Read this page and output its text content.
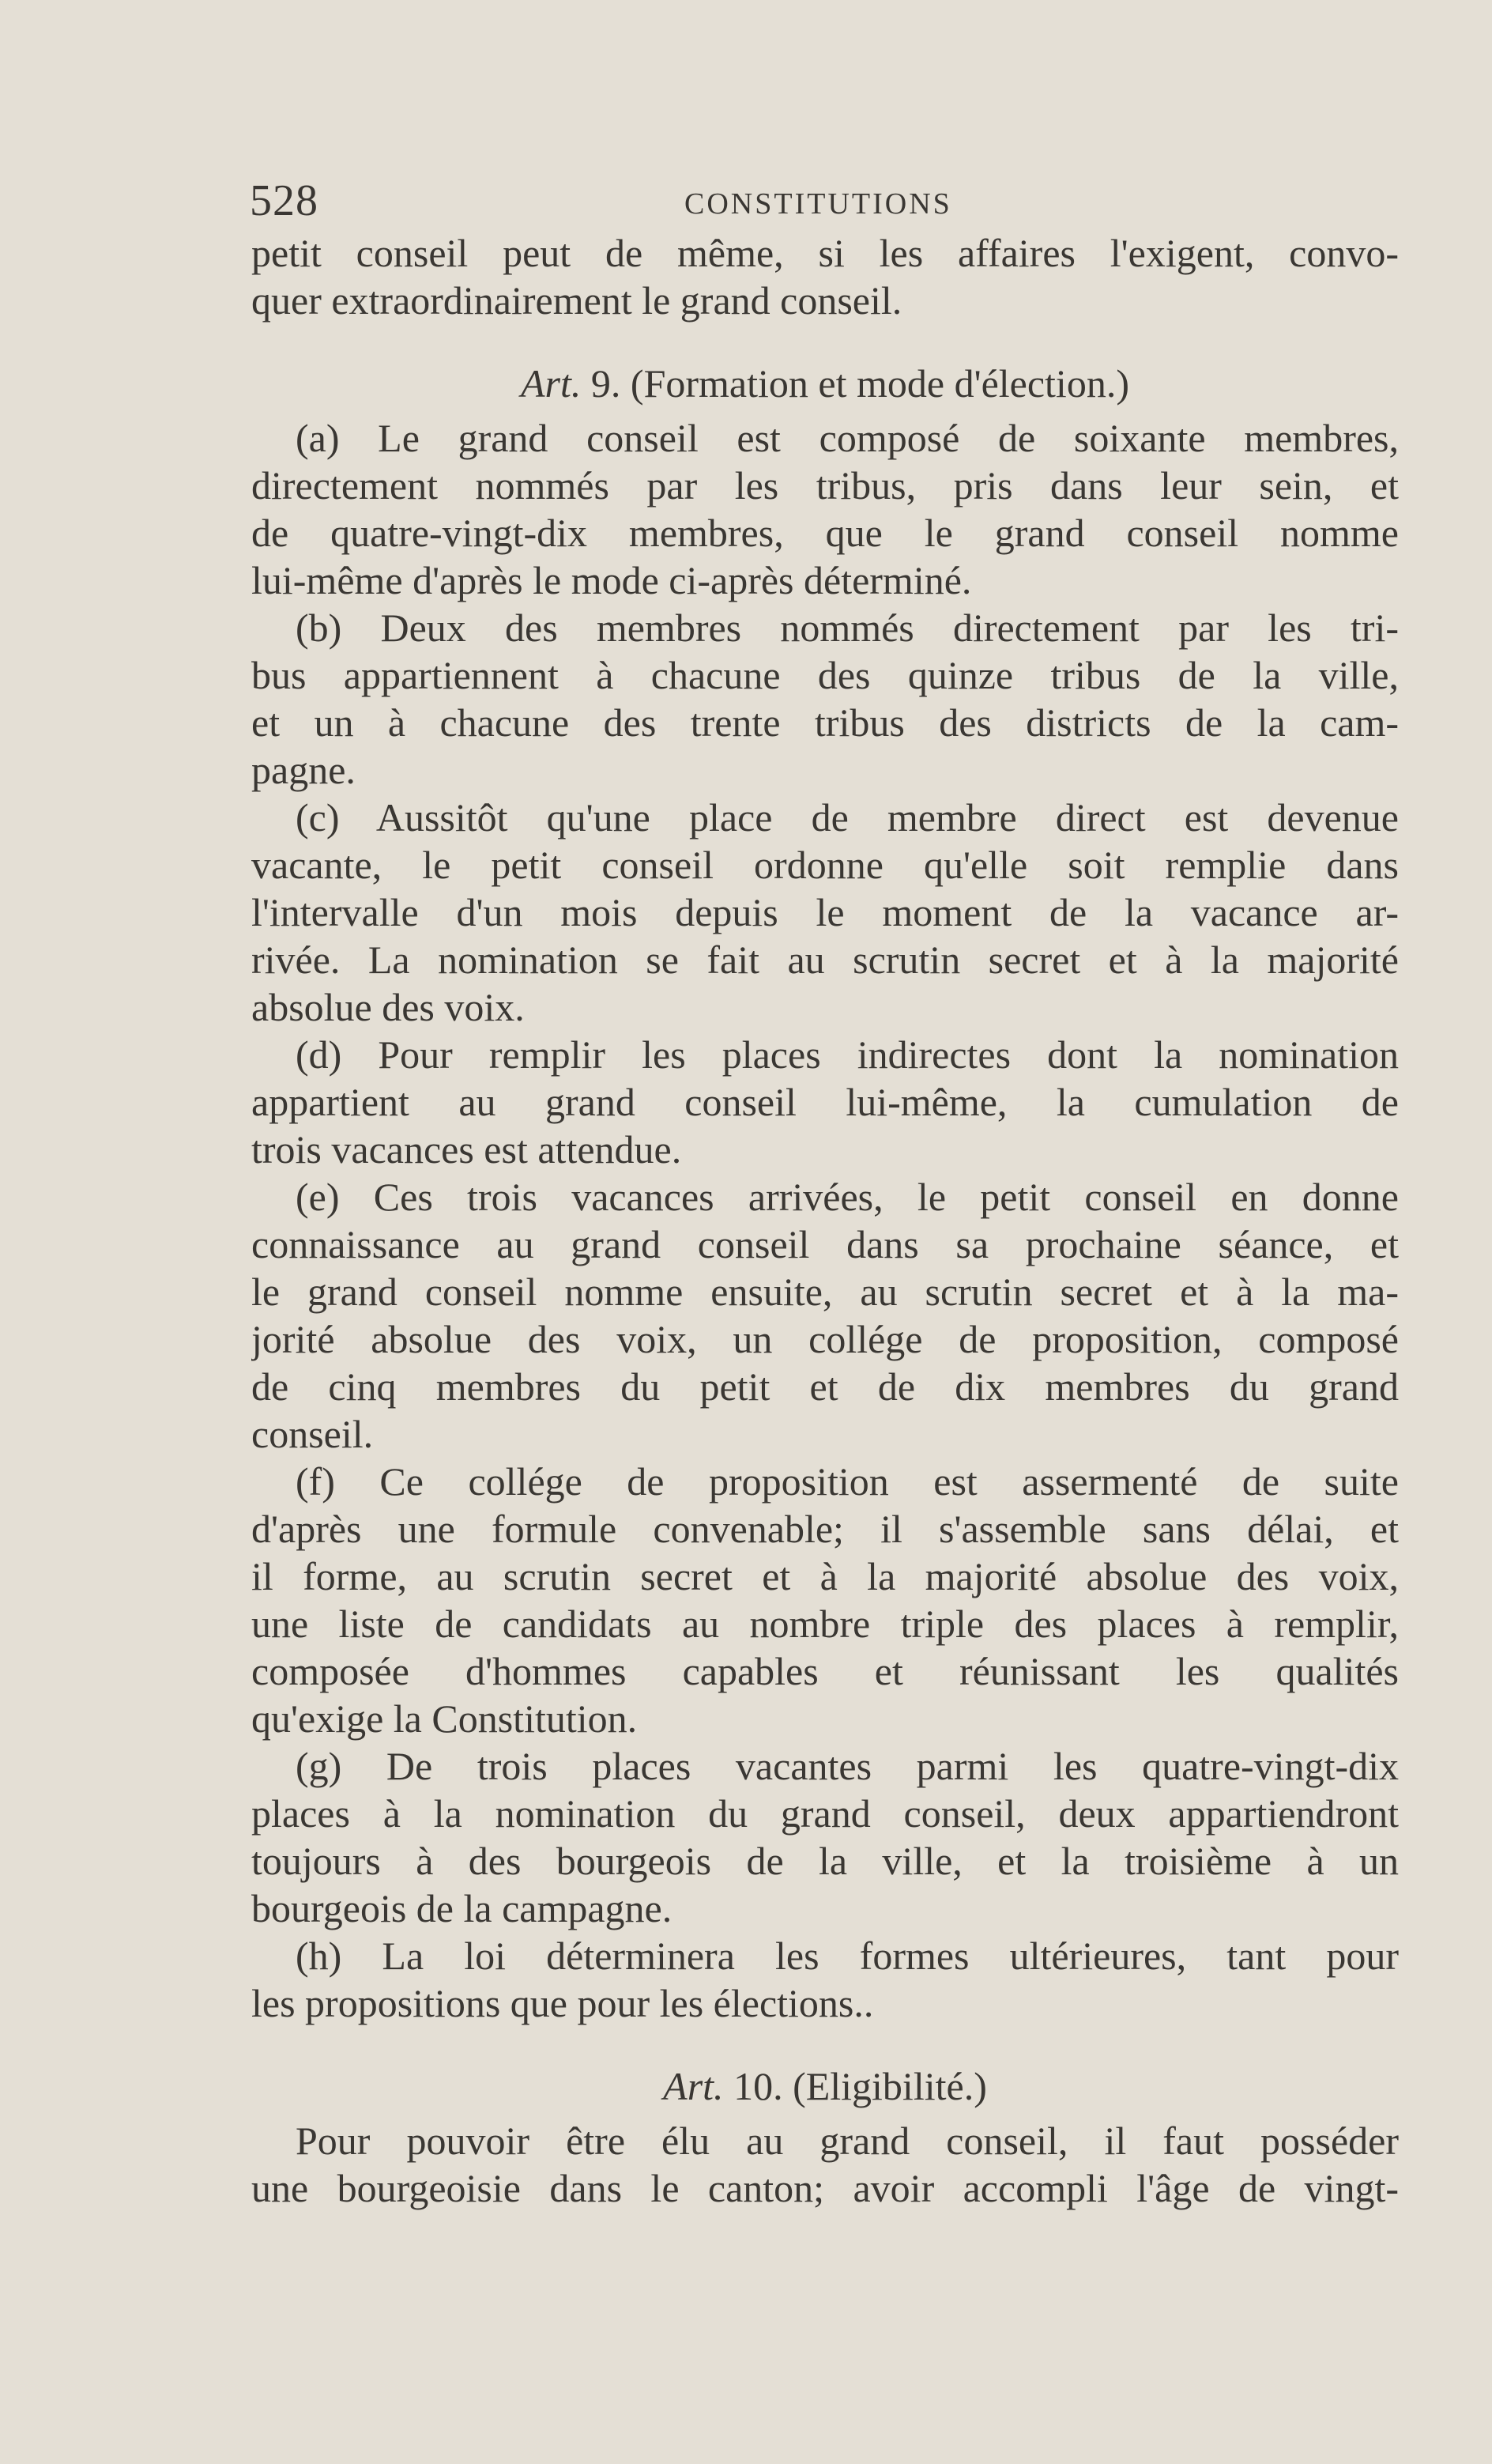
528	CONSTITUTIONS
petit conseil peut de même, si les affaires l'exigent, convo-
quer extraordinairement le grand conseil.
Art. 9. (Formation et mode d'élection.)
(a) Le grand conseil est composé de soixante membres,
directement nommés par les tribus, pris dans leur sein, et
de quatre-vingt-dix membres, que le grand conseil nomme
lui-même d'après le mode ci-après déterminé.
(b) Deux des membres nommés directement par les tri-
bus appartiennent à chacune des quinze tribus de la ville,
et un à chacune des trente tribus des districts de la cam-
pagne.
(c) Aussitôt qu'une place de membre direct est devenue
vacante, le petit conseil ordonne qu'elle soit remplie dans
l'intervalle d'un mois depuis le moment de la vacance ar-
rivée. La nomination se fait au scrutin secret et à la majorité
absolue des voix.
(d) Pour remplir les places indirectes dont la nomination
appartient au grand conseil lui-même, la cumulation de
trois vacances est attendue.
(e) Ces trois vacances arrivées, le petit conseil en donne
connaissance au grand conseil dans sa prochaine séance, et
le grand conseil nomme ensuite, au scrutin secret et à la ma-
jorité absolue des voix, un collége de proposition, composé
de cinq membres du petit et de dix membres du grand
conseil.
(f) Ce collége de proposition est assermenté de suite
d'après une formule convenable; il s'assemble sans délai, et
il forme, au scrutin secret et à la majorité absolue des voix,
une liste de candidats au nombre triple des places à remplir,
composée d'hommes capables et réunissant les qualités
qu'exige la Constitution.
(g) De trois places vacantes parmi les quatre-vingt-dix
places à la nomination du grand conseil, deux appartiendront
toujours à des bourgeois de la ville, et la troisième à un
bourgeois de la campagne.
(h) La loi déterminera les formes ultérieures, tant pour
les propositions que pour les élections..
Art. 10. (Eligibilité.)
Pour pouvoir être élu au grand conseil, il faut posséder
une bourgeoisie dans le canton; avoir accompli l'âge de vingt-
